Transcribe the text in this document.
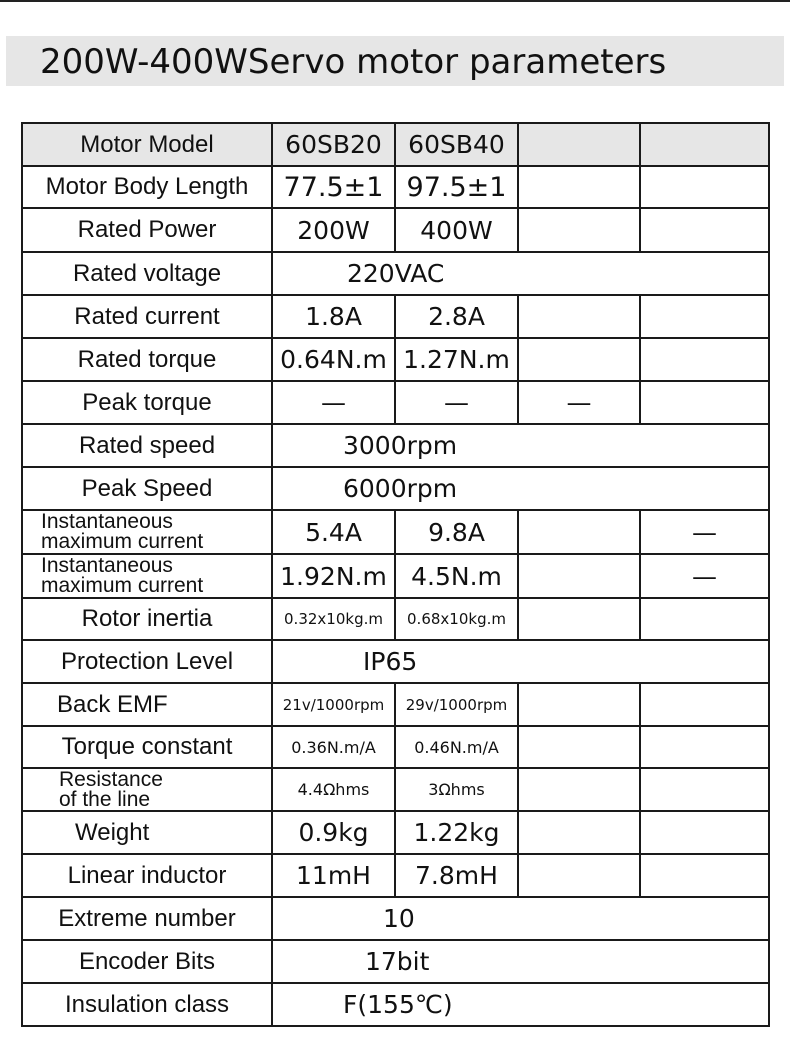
200W-400WServo motor parameters
Motor Model	60SB20	60SB40		
Motor Body Length	77.5±1	97.5±1		
Rated Power	200W	400W		
Rated voltage	220VAC			
Rated current	1.8A	2.8A		
Rated torque	0.64N.m	1.27N.m		
Peak torque	—	—	—	
Rated speed	3000rpm			
Peak Speed	6000rpm			

Instantaneous
maximum current	5.4A	9.8A		—

Instantaneous
maximum current	1.92N.m	4.5N.m		—
Rotor inertia	0.32x10kg.m	0.68x10kg.m		
Protection Level	IP65			
Back EMF	21v/1000rpm	29v/1000rpm		
Torque constant	0.36N.m/A	0.46N.m/A		

Resistance
of the line	4.4Ωhms	3Ωhms		
Weight	0.9kg	1.22kg		
Linear inductor	11mH	7.8mH		
Extreme number	10			
Encoder Bits	17bit			
Insulation class	F(155℃)			
